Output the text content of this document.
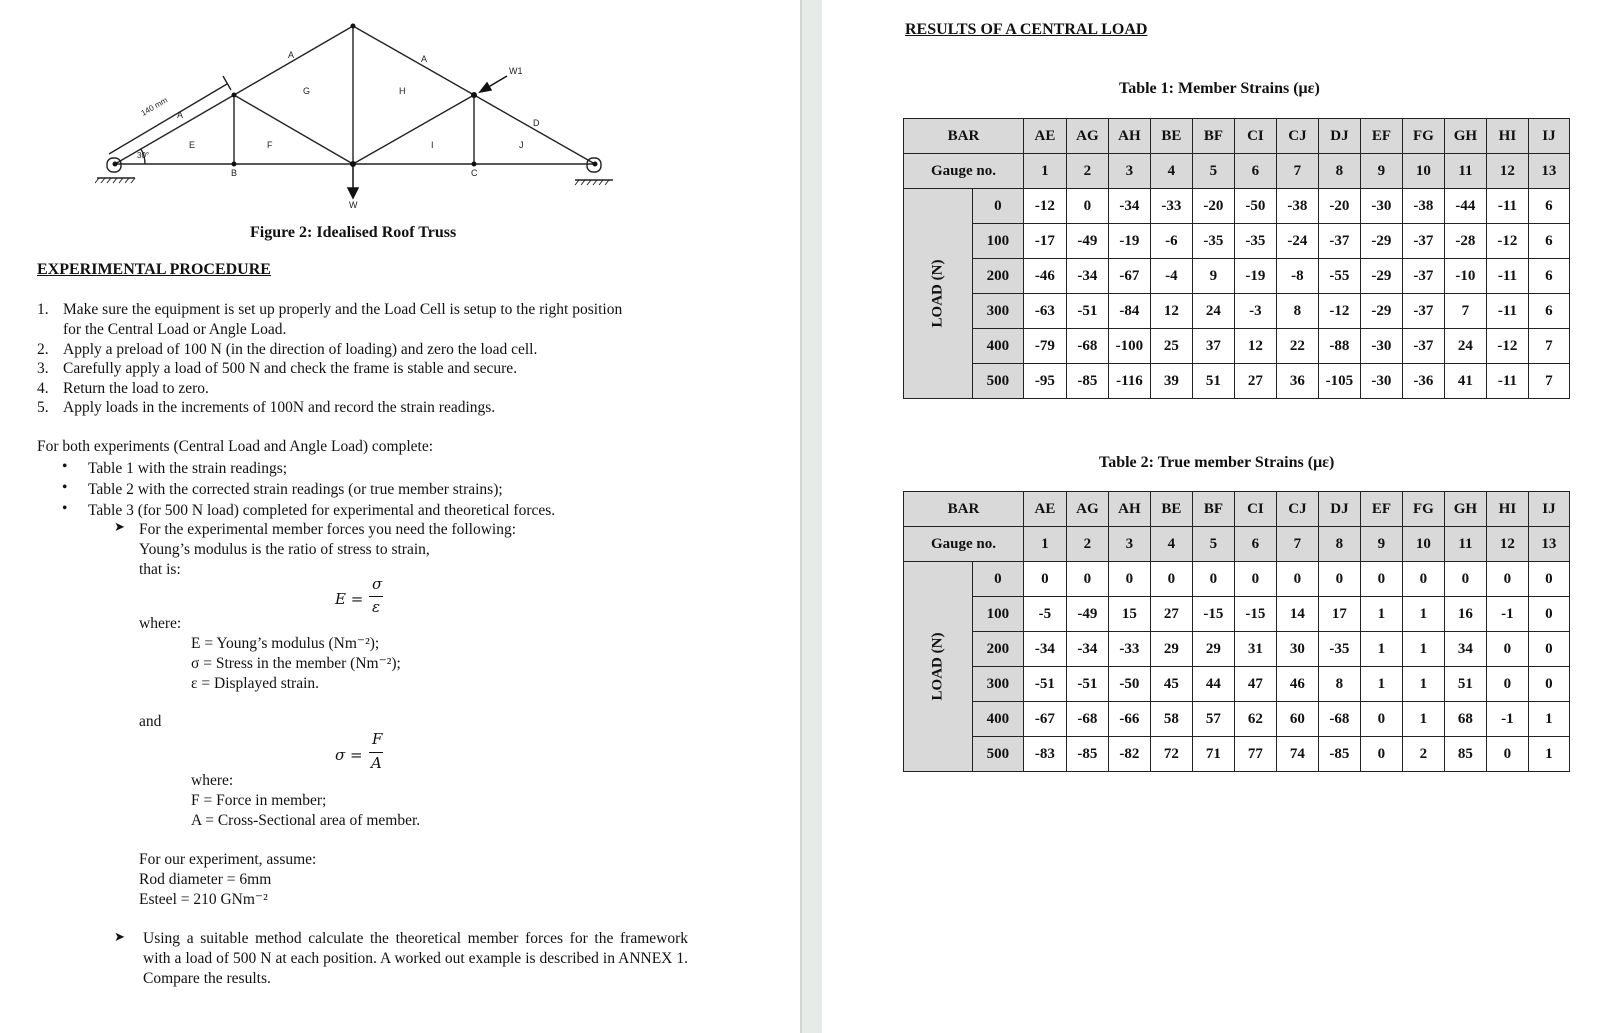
A	A
A
G	H
D
E	F	I	J
B	C
30°
W
W1
140 mm
Figure 2: Idealised Roof Truss
EXPERIMENTAL PROCEDURE
1. Make sure the equipment is set up properly and the Load Cell is setup to the right position
for the Central Load or Angle Load.
2. Apply a preload of 100 N (in the direction of loading) and zero the load cell.
3. Carefully apply a load of 500 N and check the frame is stable and secure.
4. Return the load to zero.
5. Apply loads in the increments of 100N and record the strain readings.
For both experiments (Central Load and Angle Load) complete:
• Table 1 with the strain readings;
• Table 2 with the corrected strain readings (or true member strains);
• Table 3 (for 500 N load) completed for experimental and theoretical forces.
➤ For the experimental member forces you need the following:
Young’s modulus is the ratio of stress to strain,
that is:
E =
σ
ε
where:
E = Young’s modulus (Nm⁻²);
σ = Stress in the member (Nm⁻²);
ε = Displayed strain.
and
σ =
F
A
where:
F = Force in member;
A = Cross-Sectional area of member.
For our experiment, assume:
Rod diameter = 6mm
Esteel = 210 GNm⁻²
➤ Using a suitable method calculate the theoretical member forces for the framework with a load of 500 N at each position. A worked out example is described in ANNEX 1. Compare the results.
RESULTS OF A CENTRAL LOAD
Table 1: Member Strains (με)
Table 2: True member Strains (με)
BAR		AE	AG	AH	BE	BF	CI	CJ	DJ	EF	FG	GH	HI	IJ
Gauge no.		1	2	3	4	5	6	7	8	9	10	11	12	13
LOAD (N)	0	-12	0	-34	-33	-20	-50	-38	-20	-30	-38	-44	-11	6
	100	-17	-49	-19	-6	-35	-35	-24	-37	-29	-37	-28	-12	6
	200	-46	-34	-67	-4	9	-19	-8	-55	-29	-37	-10	-11	6
	300	-63	-51	-84	12	24	-3	8	-12	-29	-37	7	-11	6
	400	-79	-68	-100	25	37	12	22	-88	-30	-37	24	-12	7
	500	-95	-85	-116	39	51	27	36	-105	-30	-36	41	-11	7
BAR		AE	AG	AH	BE	BF	CI	CJ	DJ	EF	FG	GH	HI	IJ
Gauge no.		1	2	3	4	5	6	7	8	9	10	11	12	13
LOAD (N)	0	0	0	0	0	0	0	0	0	0	0	0	0	0
	100	-5	-49	15	27	-15	-15	14	17	1	1	16	-1	0
	200	-34	-34	-33	29	29	31	30	-35	1	1	34	0	0
	300	-51	-51	-50	45	44	47	46	8	1	1	51	0	0
	400	-67	-68	-66	58	57	62	60	-68	0	1	68	-1	1
	500	-83	-85	-82	72	71	77	74	-85	0	2	85	0	1
